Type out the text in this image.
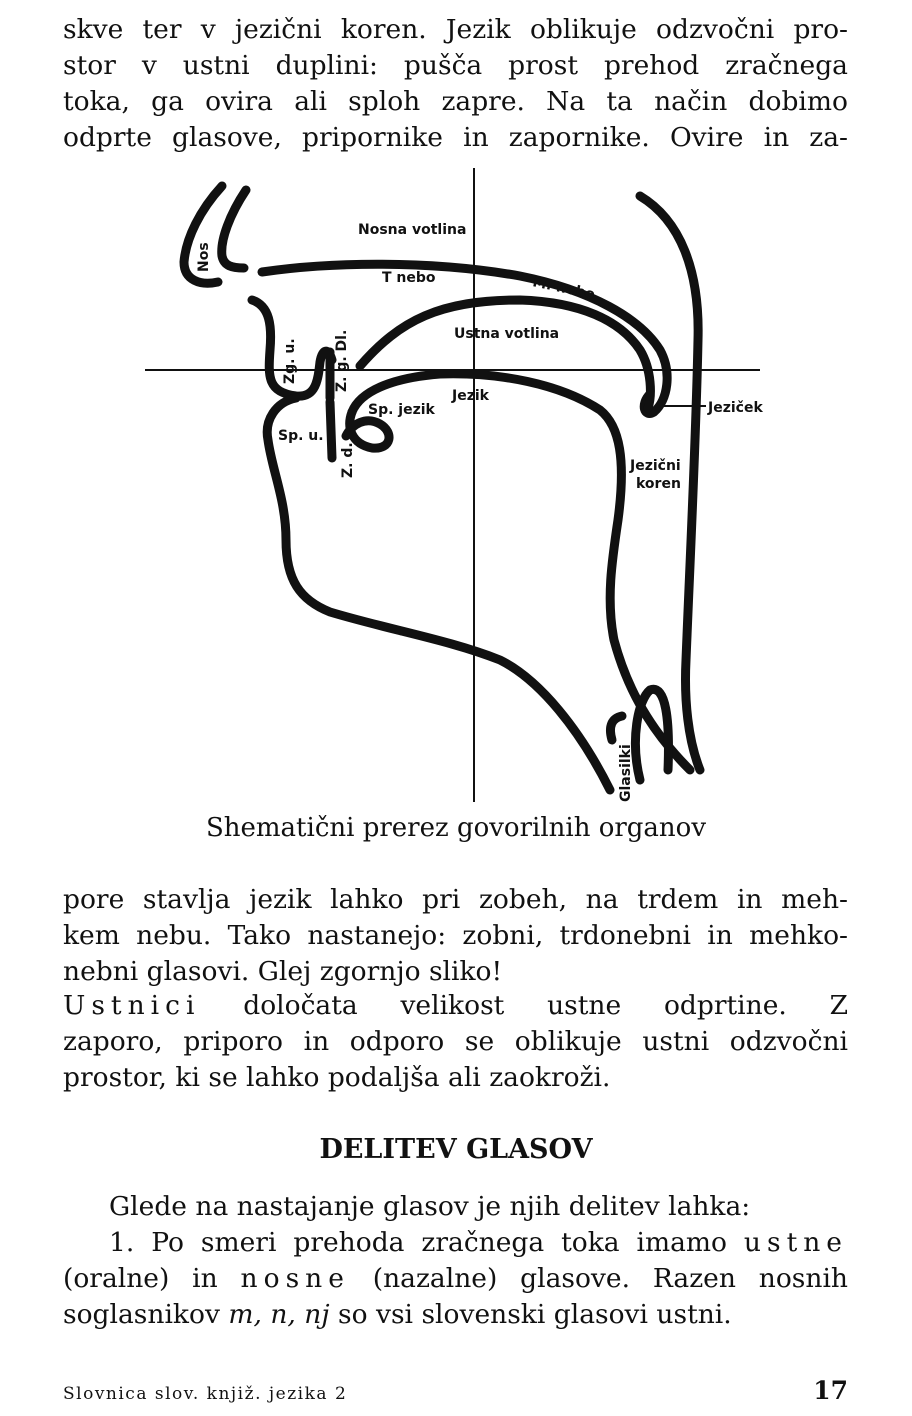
skve ter v jezični koren. Jezik oblikuje odzvočni pro-
stor v ustni duplini: pušča prost prehod zračnega
toka, ga ovira ali sploh zapre. Na ta način dobimo
odprte glasove, pripornike in zapornike. Ovire in za-
Nos
Nosna votlina
T nebo	M. nebo
Ustna votlina
Zg. u.	Z. g. Dl.
Sp. jezik
Jezik
Jeziček
Sp. u.
Z. d.	Jezični
koren
Glasilki
Shematični prerez govorilnih organov
pore stavlja jezik lahko pri zobeh, na trdem in meh-
kem nebu. Tako nastanejo: zobni, trdonebni in mehko-
nebni glasovi. Glej zgornjo sliko!
Ustnici določata velikost ustne odprtine. Z
zaporo, priporo in odporo se oblikuje ustni odzvočni
prostor, ki se lahko podaljša ali zaokroži.
DELITEV GLASOV
Glede na nastajanje glasov je njih delitev lahka:
1. Po smeri prehoda zračnega toka imamo ustne
(oralne) in nosne (nazalne) glasove. Razen nosnih
soglasnikov m, n, nj so vsi slovenski glasovi ustni.
Slovnica slov. knjiž. jezika 2	17
